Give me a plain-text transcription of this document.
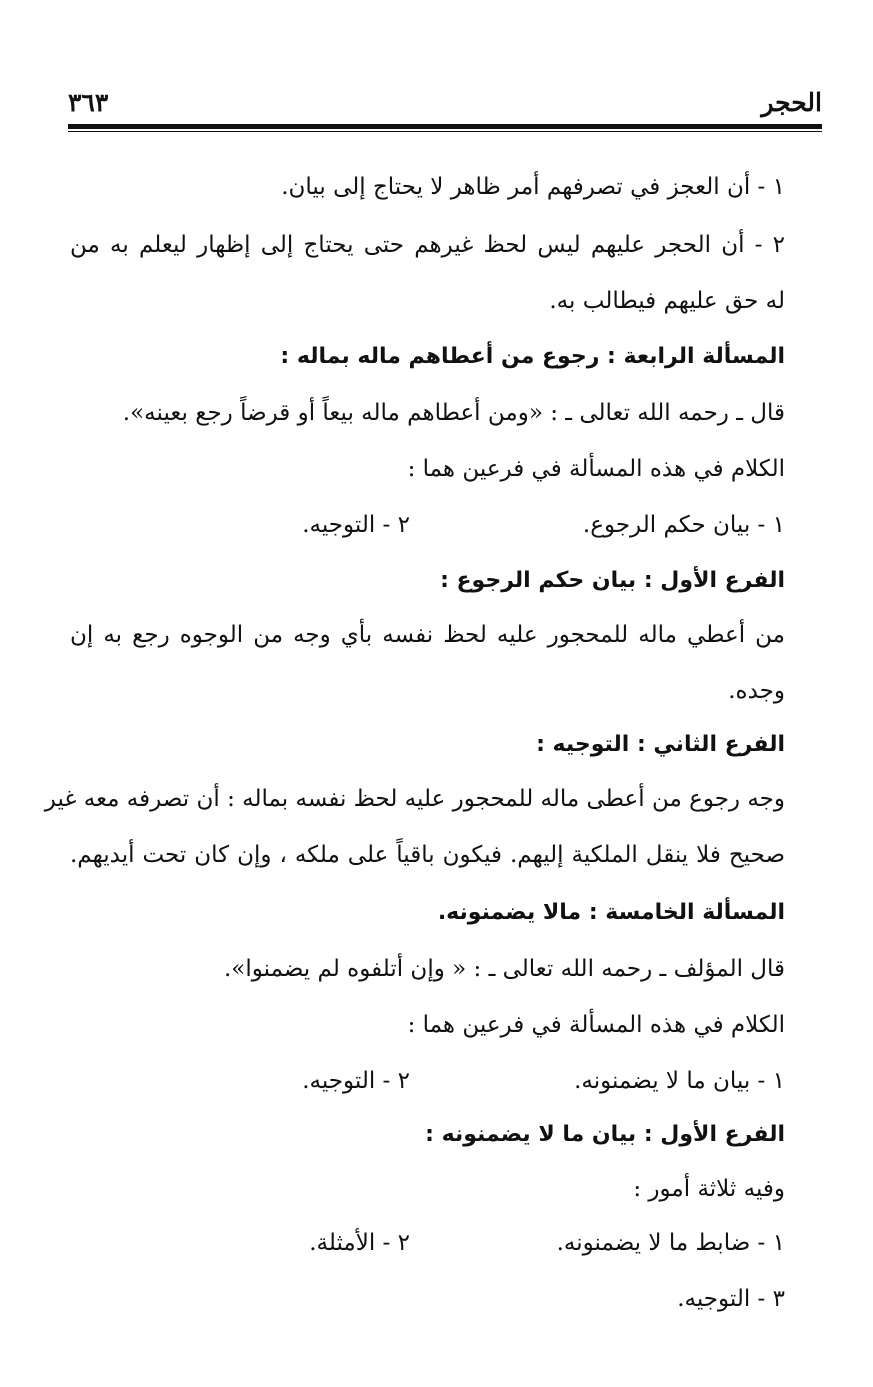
الحجر
٣٦٣
١ - أن العجز في تصرفهم أمر ظاهر لا يحتاج إلى بيان.
٢ - أن الحجر عليهم ليس لحظ غيرهم حتى يحتاج إلى إظهار ليعلم به من
له حق عليهم فيطالب به.
المسألة الرابعة : رجوع من أعطاهم ماله بماله :
قال ـ رحمه الله تعالى ـ : «ومن أعطاهم ماله بيعاً أو قرضاً رجع بعينه».
الكلام في هذه المسألة في فرعين هما :
١ - بيان حكم الرجوع.
٢ - التوجيه.
الفرع الأول : بيان حكم الرجوع :
من أعطي ماله للمحجور عليه لحظ نفسه بأي وجه من الوجوه رجع به إن
وجده.
الفرع الثاني : التوجيه :
وجه رجوع من أعطى ماله للمحجور عليه لحظ نفسه بماله : أن تصرفه معه غير
صحيح فلا ينقل الملكية إليهم. فيكون باقياً على ملكه ، وإن كان تحت أيديهم.
المسألة الخامسة : مالا يضمنونه.
قال المؤلف ـ رحمه الله تعالى ـ : « وإن أتلفوه لم يضمنوا».
الكلام في هذه المسألة في فرعين هما :
١ - بيان ما لا يضمنونه.
٢ - التوجيه.
الفرع الأول : بيان ما لا يضمنونه :
وفيه ثلاثة أمور :
١ - ضابط ما لا يضمنونه.
٢ - الأمثلة.
٣ - التوجيه.
